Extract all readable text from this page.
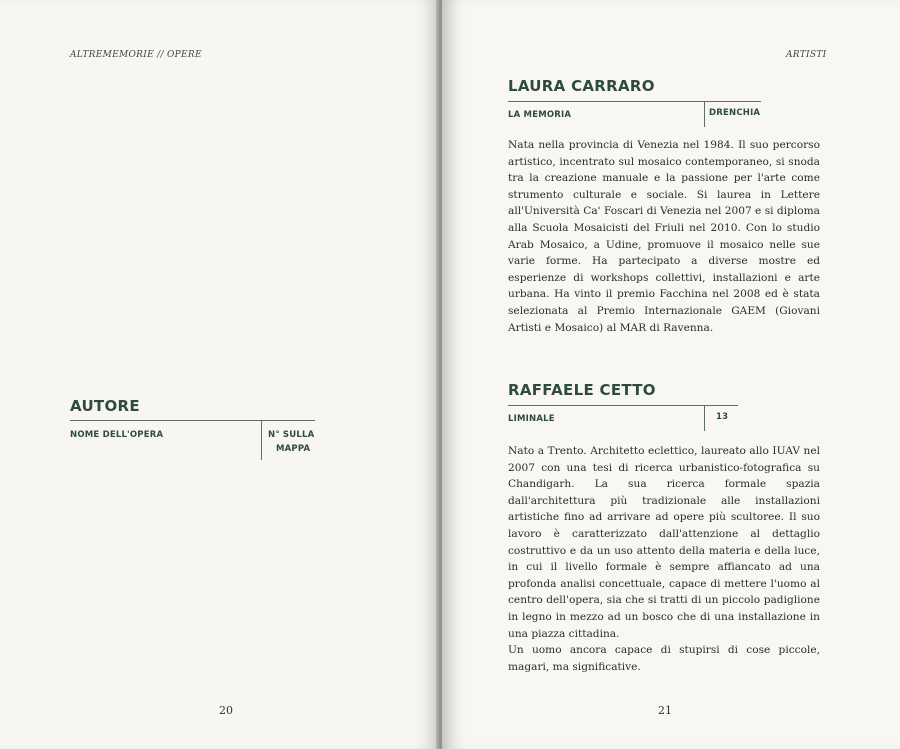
ALTREMEMORIE // OPERE
AUTORE
NOME DELL'OPERA	N° SULLA
MAPPA
20
ARTISTI
LAURA CARRARO
LA MEMORIA	DRENCHIA

Nata nella provincia di Venezia nel 1984. Il suo percorso artistico, incentrato sul mosaico contemporaneo, si snoda tra la creazione manuale e la passione per l'arte come strumento culturale e sociale. Si laurea in Lettere all'Università Ca' Foscari di Venezia nel 2007 e si diploma alla Scuola Mosaicisti del Friuli nel 2010. Con lo studio Arab Mosaico, a Udine, promuove il mosaico nelle sue varie forme. Ha partecipato a diverse mostre ed esperienze di workshops collettivi, installazioni e arte urbana. Ha vinto il premio Facchina nel 2008 ed è stata selezionata al Premio Internazionale GAEM (Giovani Artisti e Mosaico) al MAR di Ravenna.

RAFFAELE CETTO
LIMINALE	13

Nato a Trento. Architetto eclettico, laureato allo IUAV nel 2007 con una tesi di ricerca urbanistico-fotografica su Chandigarh. La sua ricerca formale spazia dall'architettura più tradizionale alle installazioni artistiche fino ad arrivare ad opere più scultoree. Il suo lavoro è caratterizzato dall'attenzione al dettaglio costruttivo e da un uso attento della materia e della luce, in cui il livello formale è sempre affiancato ad una profonda analisi concettuale, capace di mettere l'uomo al centro dell'opera, sia che si tratti di un piccolo padiglione in legno in mezzo ad un bosco che di una installazione in una piazza cittadina.

Un uomo ancora capace di stupirsi di cose piccole, magari, ma significative.

21
